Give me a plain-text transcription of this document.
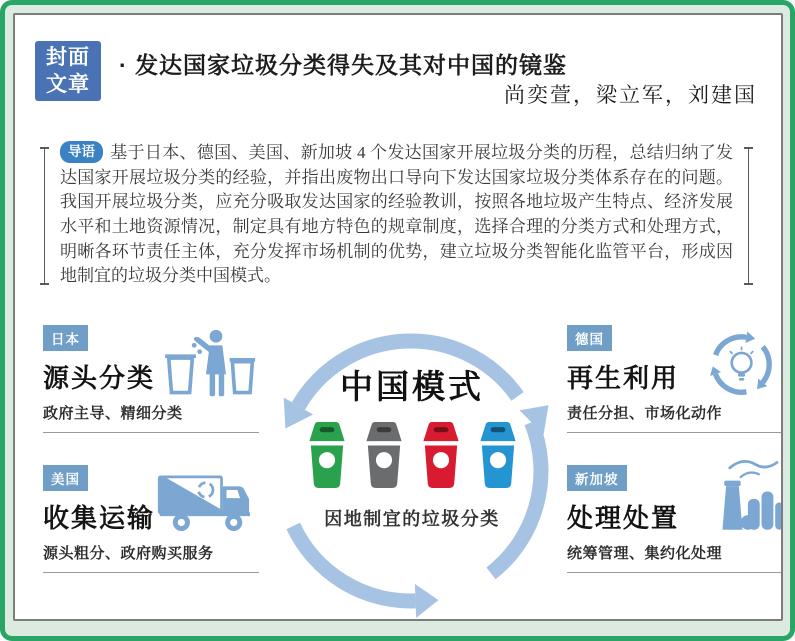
封面
文章
· 发达国家垃圾分类得失及其对中国的镜鉴
尚奕萱，梁立军，刘建国

导语 基于日本、德国、美国、新加坡 4 个发达国家开展垃圾分类的历程，总结归纳了发达国家开展垃圾分类的经验，并指出废物出口导向下发达国家垃圾分类体系存在的问题。我国开展垃圾分类，应充分吸取发达国家的经验教训，按照各地垃圾产生特点、经济发展水平和土地资源情况，制定具有地方特色的规章制度，选择合理的分类方式和处理方式，明晰各环节责任主体，充分发挥市场机制的优势，建立垃圾分类智能化监管平台，形成因地制宜的垃圾分类中国模式。

日本
源头分类
政府主导、精细分类
德国
再生利用
责任分担、市场化动作
美国
收集运输
源头粗分、政府购买服务
新加坡
处理处置
统筹管理、集约化处理
中国模式
因地制宜的垃圾分类
